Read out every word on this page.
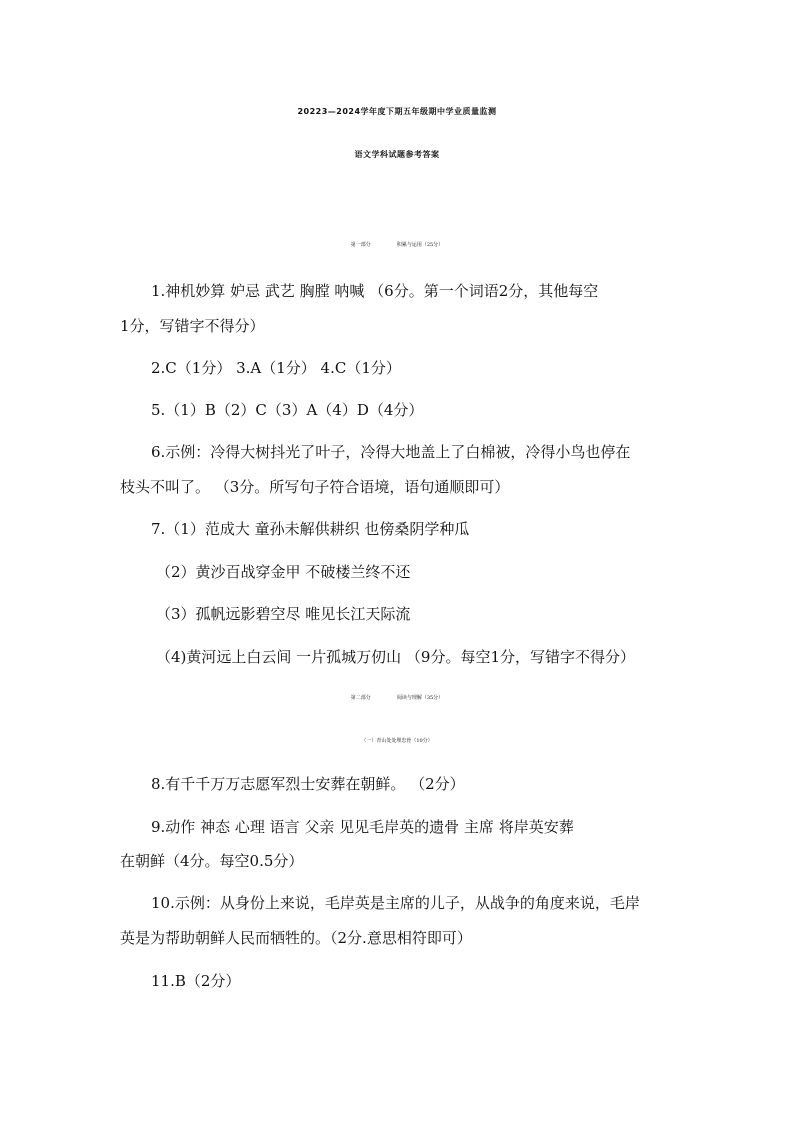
20223—2024学年度下期五年级期中学业质量监测
语文学科试题参考答案
第一部分	积累与运用（25分）
1.神机妙算 妒忌 武艺 胸膛 呐喊 （6分。第一个词语2分，其他每空
1分，写错字不得分）
2.C（1分） 3.A（1分） 4.C（1分）
5.（1）B（2）C（3）A（4）D（4分）
6.示例：冷得大树抖光了叶子，冷得大地盖上了白棉被，冷得小鸟也停在
枝头不叫了。 （3分。所写句子符合语境，语句通顺即可）
7.（1）范成大 童孙未解供耕织 也傍桑阴学种瓜
（2）黄沙百战穿金甲 不破楼兰终不还
（3）孤帆远影碧空尽 唯见长江天际流
（4)黄河远上白云间 一片孤城万仞山 （9分。每空1分，写错字不得分）
第二部分	阅读与理解（35分）
（一）青山处处埋忠骨（10分）
8.有千千万万志愿军烈士安葬在朝鲜。 （2分）
9.动作 神态 心理 语言 父亲 见见毛岸英的遗骨 主席 将岸英安葬
在朝鲜（4分。每空0.5分）
10.示例：从身份上来说，毛岸英是主席的儿子，从战争的角度来说，毛岸
英是为帮助朝鲜人民而牺牲的。（2分.意思相符即可）
11.B（2分）
